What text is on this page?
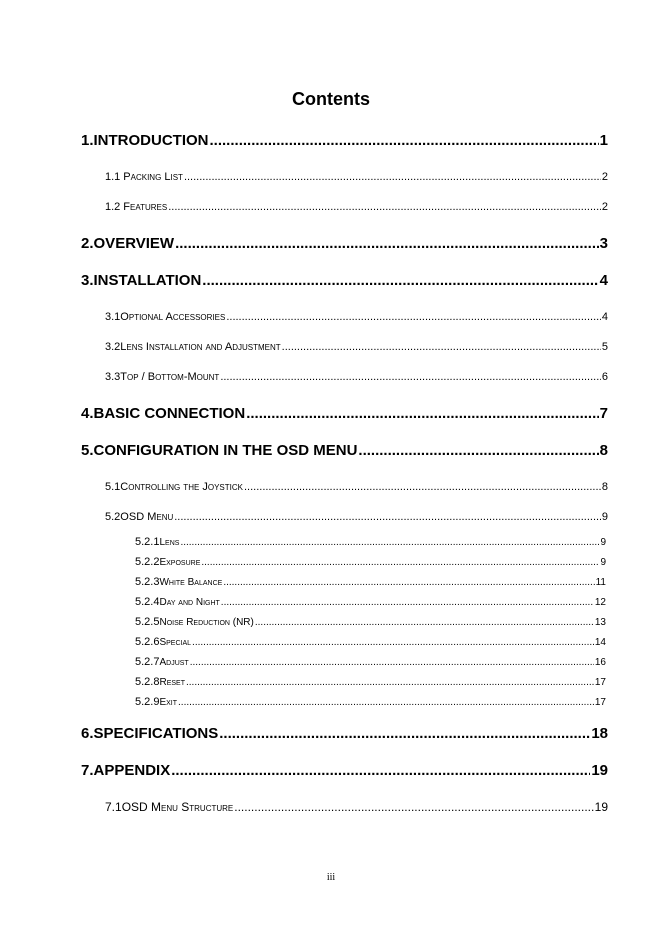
Contents
1. INTRODUCTION .....	1
1.1 Packing List .....	2
1.2 Features .....	2
2. OVERVIEW .....	3
3. INSTALLATION .....	4
3.1 Optional Accessories .....	4
3.2 Lens Installation and Adjustment .....	5
3.3 Top / Bottom-Mount .....	6
4. BASIC CONNECTION .....	7
5. CONFIGURATION IN THE OSD MENU .....	8
5.1 Controlling the Joystick .....	8
5.2 OSD Menu .....	9
5.2.1 Lens .....	9
5.2.2 Exposure .....	9
5.2.3 White Balance .....	11
5.2.4 Day and Night .....	12
5.2.5 Noise Reduction (NR) .....	13
5.2.6 Special .....	14
5.2.7 Adjust .....	16
5.2.8 Reset .....	17
5.2.9 Exit .....	17
6. SPECIFICATIONS .....	18
7. APPENDIX .....	19
7.1 OSD Menu Structure .....	19
iii
